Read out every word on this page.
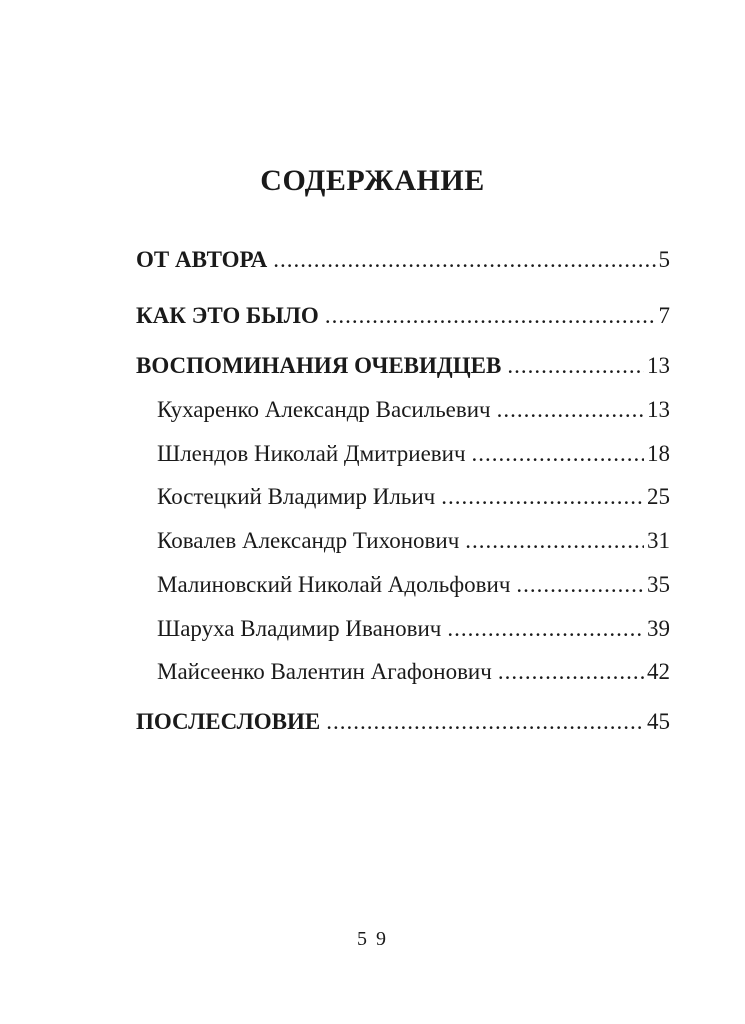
СОДЕРЖАНИЕ
ОТ АВТОРА .....	5
КАК ЭТО БЫЛО .....	7
ВОСПОМИНАНИЯ ОЧЕВИДЦЕВ .....	13
Кухаренко Александр Васильевич .....	13
Шлендов Николай Дмитриевич .....	18
Костецкий Владимир Ильич .....	25
Ковалев Александр Тихонович .....	31
Малиновский Николай Адольфович .....	35
Шаруха Владимир Иванович .....	39
Майсеенко Валентин Агафонович .....	42
ПОСЛЕСЛОВИЕ .....	45
5 9
